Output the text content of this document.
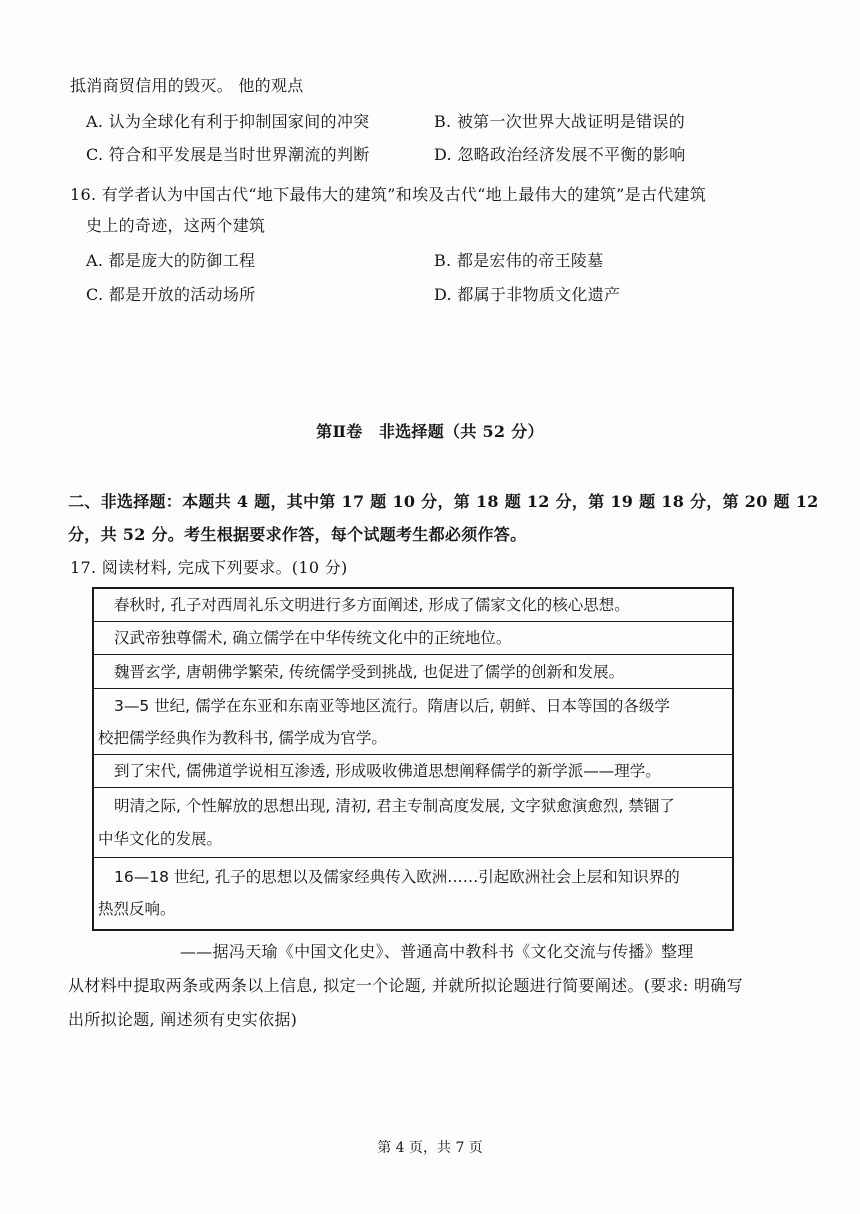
抵消商贸信用的毁灭。 他的观点
A. 认为全球化有利于抑制国家间的冲突	B. 被第一次世界大战证明是错误的
C. 符合和平发展是当时世界潮流的判断	D. 忽略政治经济发展不平衡的影响
16. 有学者认为中国古代“地下最伟大的建筑”和埃及古代“地上最伟大的建筑”是古代建筑
史上的奇迹，这两个建筑
A. 都是庞大的防御工程	B. 都是宏伟的帝王陵墓
C. 都是开放的活动场所	D. 都属于非物质文化遗产
第Ⅱ卷　非选择题（共 52 分）
二、非选择题：本题共 4 题，其中第 17 题 10 分，第 18 题 12 分，第 19 题 18 分，第 20 题 12
分，共 52 分。考生根据要求作答，每个试题考生都必须作答。
17. 阅读材料, 完成下列要求。(10 分)
春秋时, 孔子对西周礼乐文明进行多方面阐述, 形成了儒家文化的核心思想。
汉武帝独尊儒术, 确立儒学在中华传统文化中的正统地位。
魏晋玄学, 唐朝佛学繁荣, 传统儒学受到挑战, 也促进了儒学的创新和发展。
3—5 世纪, 儒学在东亚和东南亚等地区流行。隋唐以后, 朝鲜、日本等国的各级学
校把儒学经典作为教科书, 儒学成为官学。
到了宋代, 儒佛道学说相互渗透, 形成吸收佛道思想阐释儒学的新学派——理学。
明清之际, 个性解放的思想出现, 清初, 君主专制高度发展, 文字狱愈演愈烈, 禁锢了
中华文化的发展。
16—18 世纪, 孔子的思想以及儒家经典传入欧洲……引起欧洲社会上层和知识界的
热烈反响。
——据冯天瑜《中国文化史》、普通高中教科书《文化交流与传播》整理
从材料中提取两条或两条以上信息, 拟定一个论题, 并就所拟论题进行简要阐述。(要求: 明确写
出所拟论题, 阐述须有史实依据)
第 4 页，共 7 页
